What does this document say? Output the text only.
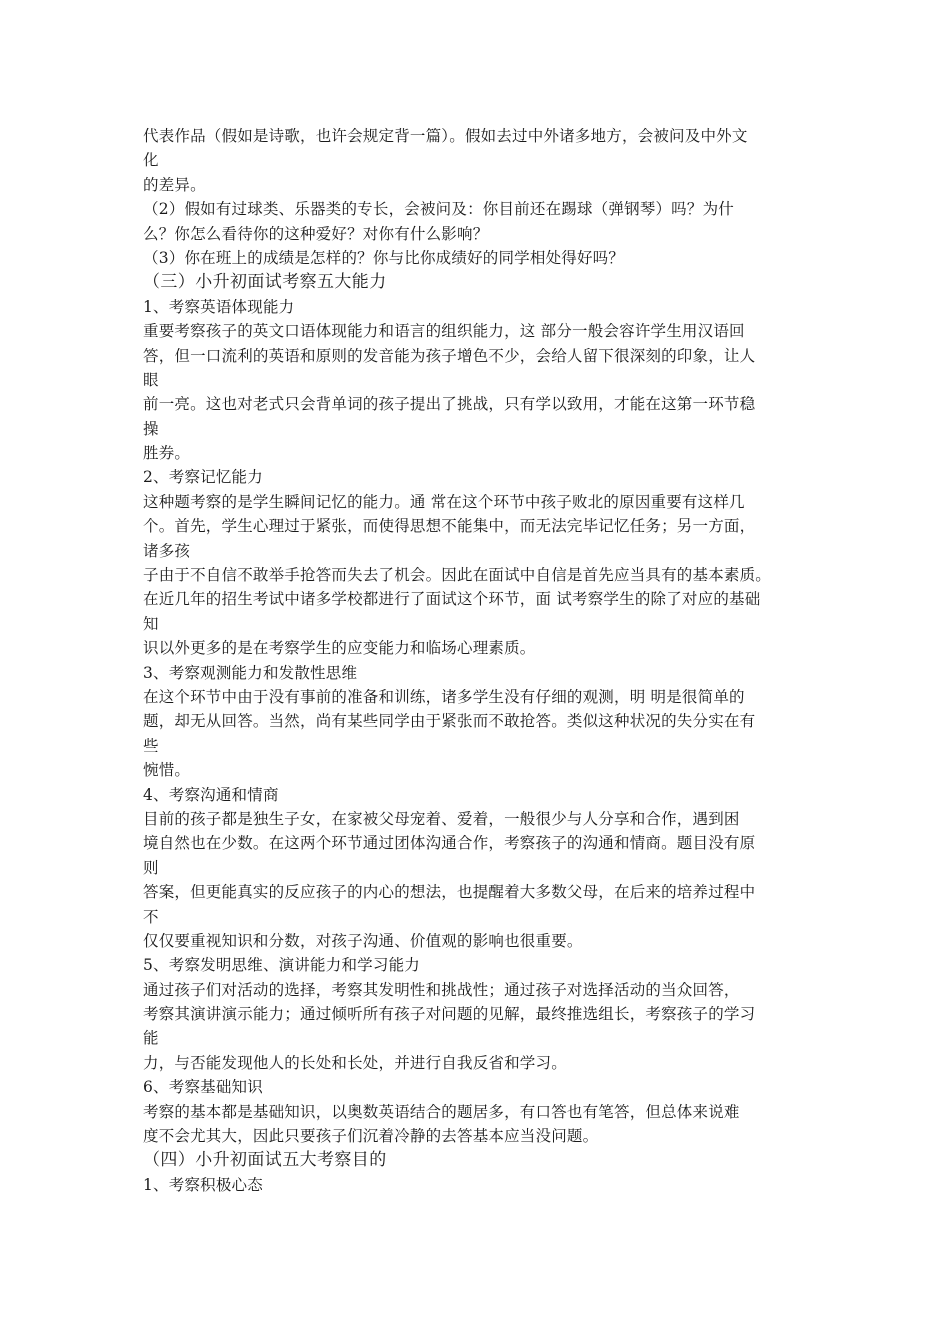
代表作品（假如是诗歌，也许会规定背一篇）。假如去过中外诸多地方，会被问及中外文
化
的差异。
（2）假如有过球类、乐器类的专长，会被问及：你目前还在踢球（弹钢琴）吗？为什
么？你怎么看待你的这种爱好？对你有什么影响？
（3）你在班上的成绩是怎样的？你与比你成绩好的同学相处得好吗？
（三）小升初面试考察五大能力
1、考察英语体现能力
重要考察孩子的英文口语体现能力和语言的组织能力，这 部分一般会容许学生用汉语回
答，但一口流利的英语和原则的发音能为孩子增色不少，会给人留下很深刻的印象，让人
眼
前一亮。这也对老式只会背单词的孩子提出了挑战，只有学以致用，才能在这第一环节稳
操
胜券。
2、考察记忆能力
这种题考察的是学生瞬间记忆的能力。通 常在这个环节中孩子败北的原因重要有这样几
个。首先，学生心理过于紧张，而使得思想不能集中，而无法完毕记忆任务；另一方面，
诸多孩
子由于不自信不敢举手抢答而失去了机会。因此在面试中自信是首先应当具有的基本素质。
在近几年的招生考试中诸多学校都进行了面试这个环节，面 试考察学生的除了对应的基础
知
识以外更多的是在考察学生的应变能力和临场心理素质。
3、考察观测能力和发散性思维
在这个环节中由于没有事前的准备和训练，诸多学生没有仔细的观测，明 明是很简单的
题，却无从回答。当然，尚有某些同学由于紧张而不敢抢答。类似这种状况的失分实在有
些
惋惜。
4、考察沟通和情商
目前的孩子都是独生子女，在家被父母宠着、爱着，一般很少与人分享和合作，遇到困
境自然也在少数。在这两个环节通过团体沟通合作，考察孩子的沟通和情商。题目没有原
则
答案，但更能真实的反应孩子的内心的想法，也提醒着大多数父母，在后来的培养过程中
不
仅仅要重视知识和分数，对孩子沟通、价值观的影响也很重要。
5、考察发明思维、演讲能力和学习能力
通过孩子们对活动的选择，考察其发明性和挑战性；通过孩子对选择活动的当众回答，
考察其演讲演示能力；通过倾听所有孩子对问题的见解，最终推选组长，考察孩子的学习
能
力，与否能发现他人的长处和长处，并进行自我反省和学习。
6、考察基础知识
考察的基本都是基础知识，以奥数英语结合的题居多，有口答也有笔答，但总体来说难
度不会尤其大，因此只要孩子们沉着冷静的去答基本应当没问题。
（四）小升初面试五大考察目的
1、考察积极心态
